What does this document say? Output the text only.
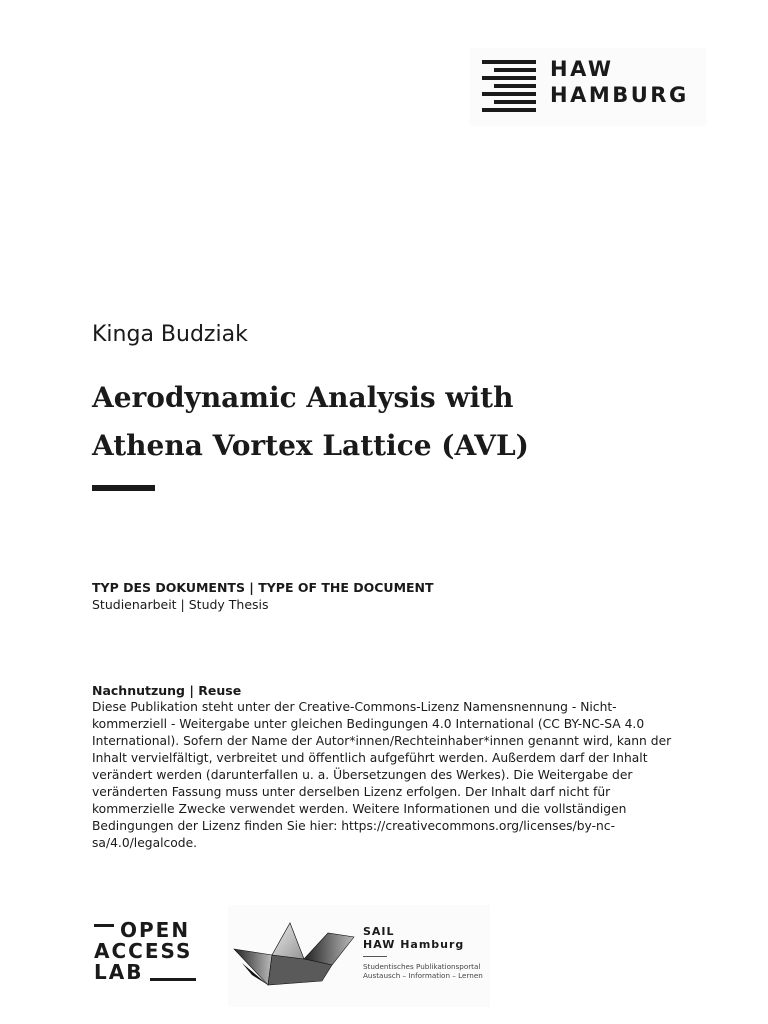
HAW
HAMBURG
Kinga Budziak
Aerodynamic Analysis with
Athena Vortex Lattice (AVL)
TYP DES DOKUMENTS | TYPE OF THE DOCUMENT
Studienarbeit | Study Thesis
Nachnutzung | Reuse
Diese Publikation steht unter der Creative-Commons-Lizenz Namensnennung - Nicht-
kommerziell - Weitergabe unter gleichen Bedingungen 4.0 International (CC BY-NC-SA 4.0
International). Sofern der Name der Autor*innen/Rechteinhaber*innen genannt wird, kann der
Inhalt vervielfältigt, verbreitet und öffentlich aufgeführt werden. Außerdem darf der Inhalt
verändert werden (darunterfallen u. a. Übersetzungen des Werkes). Die Weitergabe der
veränderten Fassung muss unter derselben Lizenz erfolgen. Der Inhalt darf nicht für
kommerzielle Zwecke verwendet werden. Weitere Informationen und die vollständigen
Bedingungen der Lizenz finden Sie hier: https://creativecommons.org/licenses/by-nc-
sa/4.0/legalcode.
OPEN
ACCESS
LAB
SAIL
HAW Hamburg
Studentisches Publikationsportal
Austausch – Information – Lernen
